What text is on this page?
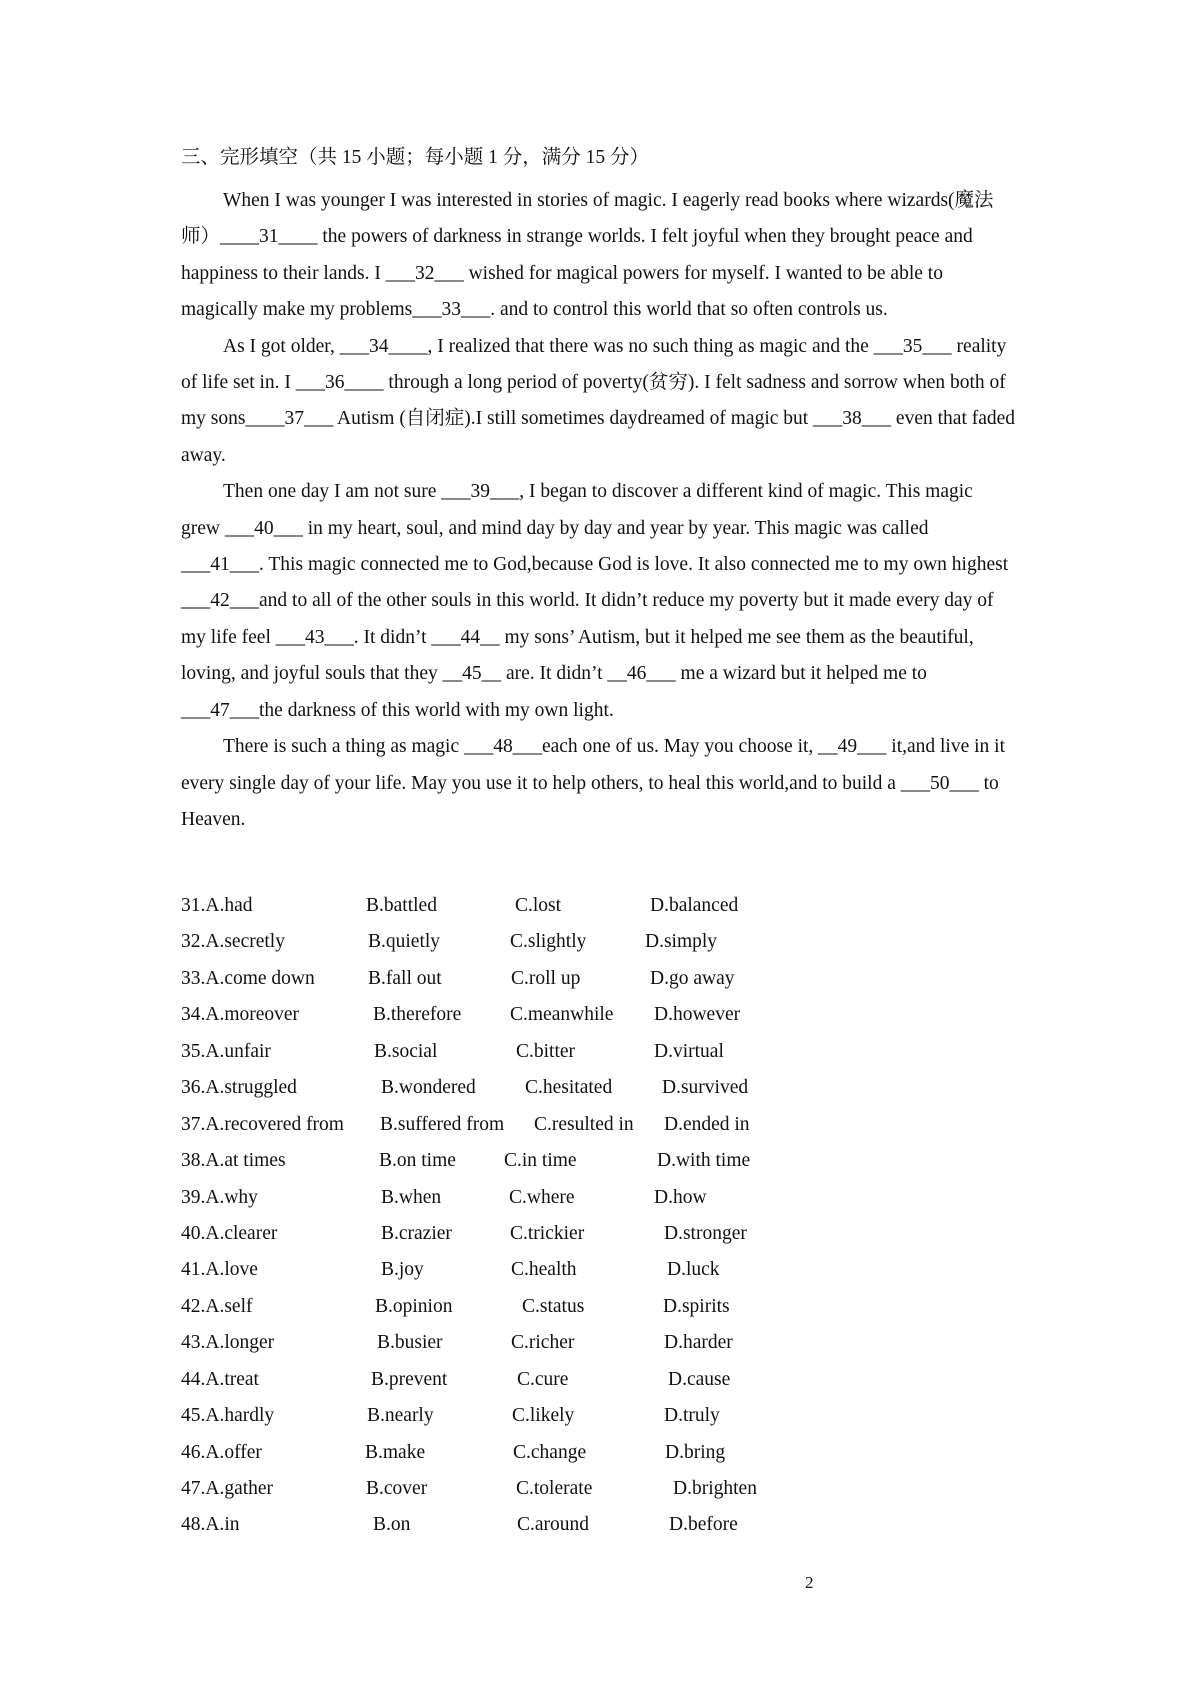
三、完形填空（共 15 小题；每小题 1 分，满分 15 分）

When I was younger I was interested in stories of magic. I eagerly read books where wizards(魔法师）____31____ the powers of darkness in strange worlds. I felt joyful when they brought peace and happiness to their lands. I ___32___ wished for magical powers for myself. I wanted to be able to magically make my problems___33___. and to control this world that so often controls us.

As I got older, ___34____, I realized that there was no such thing as magic and the ___35___ reality of life set in. I ___36____ through a long period of poverty(贫穷). I felt sadness and sorrow when both of my sons____37___ Autism (自闭症).I still sometimes daydreamed of magic but ___38___ even that faded away.

Then one day I am not sure ___39___, I began to discover a different kind of magic. This magic grew ___40___ in my heart, soul, and mind day by day and year by year. This magic was called ___41___. This magic connected me to God,because God is love. It also connected me to my own highest ___42___and to all of the other souls in this world. It didn’t reduce my poverty but it made every day of my life feel ___43___. It didn’t ___44__ my sons’ Autism, but it helped me see them as the beautiful, loving, and joyful souls that they __45__ are. It didn’t __46___ me a wizard but it helped me to ___47___the darkness of this world with my own light.

There is such a thing as magic ___48___each one of us. May you choose it, __49___ it,and live in it every single day of your life. May you use it to help others, to heal this world,and to build a ___50___ to Heaven.

31.A.had	B.battled	C.lost	D.balanced
32.A.secretly	B.quietly	C.slightly	D.simply
33.A.come down	B.fall out	C.roll up	D.go away
34.A.moreover	B.therefore	C.meanwhile D.however
35.A.unfair	B.social	C.bitter	D.virtual
36.A.struggled	B.wondered	C.hesitated	D.survived
37.A.recovered from B.suffered from C.resulted in D.ended in
38.A.at times	B.on time C.in time	D.with time
39.A.why	B.when	C.where	D.how
40.A.clearer	B.crazier	C.trickier	D.stronger
41.A.love	B.joy	C.health	D.luck
42.A.self	B.opinion	C.status	D.spirits
43.A.longer	B.busier	C.richer	D.harder
44.A.treat	B.prevent	C.cure	D.cause
45.A.hardly	B.nearly	C.likely	D.truly
46.A.offer	B.make	C.change	D.bring
47.A.gather	B.cover	C.tolerate	D.brighten
48.A.in	B.on	C.around	D.before
2
